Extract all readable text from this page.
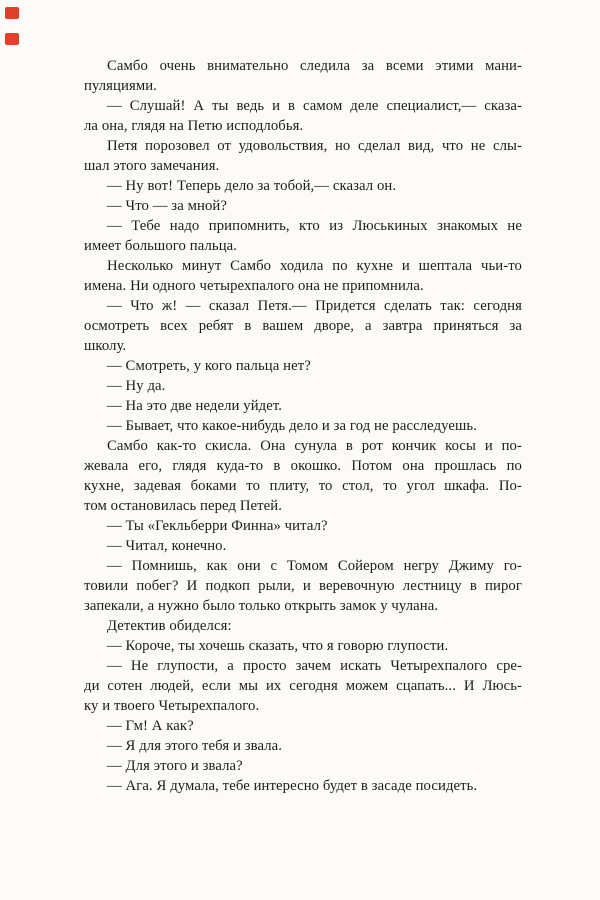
Самбо очень внимательно следила за всеми этими мани-
пуляциями.
— Слушай! А ты ведь и в самом деле специалист,— сказа-
ла она, глядя на Петю исподлобья.
Петя порозовел от удовольствия, но сделал вид, что не слы-
шал этого замечания.
— Ну вот! Теперь дело за тобой,— сказал он.
— Что — за мной?
— Тебе надо припомнить, кто из Люськиных знакомых не
имеет большого пальца.
Несколько минут Самбо ходила по кухне и шептала чьи-то
имена. Ни одного четырехпалого она не припомнила.
— Что ж! — сказал Петя.— Придется сделать так: сегодня
осмотреть всех ребят в вашем дворе, а завтра приняться за
школу.
— Смотреть, у кого пальца нет?
— Ну да.
— На это две недели уйдет.
— Бывает, что какое-нибудь дело и за год не расследуешь.
Самбо как-то скисла. Она сунула в рот кончик косы и по-
жевала его, глядя куда-то в окошко. Потом она прошлась по
кухне, задевая боками то плиту, то стол, то угол шкафа. По-
том остановилась перед Петей.
— Ты «Гекльберри Финна» читал?
— Читал, конечно.
— Помнишь, как они с Томом Сойером негру Джиму го-
товили побег? И подкоп рыли, и веревочную лестницу в пирог
запекали, а нужно было только открыть замок у чулана.
Детектив обиделся:
— Короче, ты хочешь сказать, что я говорю глупости.
— Не глупости, а просто зачем искать Четырехпалого сре-
ди сотен людей, если мы их сегодня можем сцапать... И Люсь-
ку и твоего Четырехпалого.
— Гм! А как?
— Я для этого тебя и звала.
— Для этого и звала?
— Ага. Я думала, тебе интересно будет в засаде посидеть.
